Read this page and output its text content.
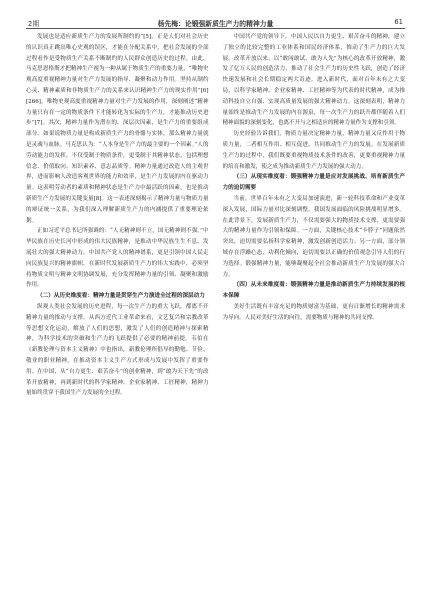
2期	杨先梅：论锻强新质生产力的精神力量	61

发展也是适应新质生产力的发展所制约的”[5]。正是人们对社会历史的认识真正跳出唯心史观的误区，才能在分配关系中，把社会发展的全部过程看作是受物质生产关系不断制约的人民群众创造历史的过程。由此，马克思恩格斯才把精神生产视为一种从属于物质生产的重要力量，“唯物史观高度重视精神力量对生产力发展的指导、凝聚和动力作用。坚持从制约心灵、精神素质和非物质生产力的关系来认识精神生产力的现实作用”[6][266]。唯物史观高度重视精神力量对生产力发展的作用，深刻阐述“精神力量只有在一定的物质条件下才能转化为实际的生产力，才能推动历史进步”[7]。其次，精神力量作为潜在的、深层次因素，是生产力的重要组成部分。如果说物质力量是构成新质生产力的骨骼与实体，那么精神力量就是灵魂与血脉。马克思认为：“人本身是生产力的最主要的一个因素。”人的劳动能力的发挥，不仅受制于物质条件，更受制于其精神状态，包括理想信念、价值取向、知识素养、意志品质等。精神力量通过改造人的主观世界，进而影响人改造客观世界的能力和效率，是生产力发展的内在驱动力量。这表明劳动者的素质和精神状态是生产力中最活跃的因素，也是推动新质生产力发展的关键变量[8]。这一表述深刻揭示了精神力量与物质力量的辩证统一关系，为我们深入理解新质生产力的内涵提供了重要理论依据。

正如习近平总书记所强调的：“人无精神则不立，国无精神则不强。”中华民族在历史长河中形成的伟大民族精神，是推动中华民族生生不息、发展壮大的强大精神动力。中国共产党人的精神谱系，更是引领中国人民走向民族复兴的精神旗帜。在新时代发展新质生产力的伟大实践中，必须坚持物质文明与精神文明协调发展，充分发挥精神力量的引领、凝聚和激励作用。

（二）从历史维度看：精神力量是贯穿生产力演进全过程的深层动力

纵观人类社会发展的历史进程，每一次生产力的重大飞跃，都离不开精神力量的推动与支撑。从西方近代工业革命来看，文艺复兴和宗教改革等思想文化运动，解放了人们的思想，激发了人们的创造精神与探索精神，为科学技术的突破和生产力的飞跃提供了必要的精神前提。韦伯在《新教伦理与资本主义精神》中也指出，新教伦理所倡导的勤勉、节俭、敬业的职业精神，在推动资本主义生产方式形成与发展中发挥了重要作用。在中国，从“自力更生、艰苦奋斗”的创业精神，到“敢为天下先”的改革开放精神，再到新时代的科学家精神、企业家精神、工匠精神，精神力量始终贯穿于我国生产力发展的全过程。

中国共产党的领导下，中国人民以自力更生、艰苦奋斗的精神，建立了独立的比较完整的工业体系和国民经济体系，推动了生产力的巨大发展。改革开放以来，以“敢闯敢试、敢为人先”为核心的改革开放精神，激发了亿万人民的创造活力，推动了社会生产力的历史性飞跃，创造了经济快速发展和社会长期稳定两大奇迹。进入新时代，面对百年未有之大变局，以科学家精神、企业家精神、工匠精神等为代表的时代精神，成为推动科技自立自强、实现高质量发展的强大精神动力。这深刻表明，精神力量始终是推动生产力发展的内在源泉，每一次生产力的跃升都伴随着人们精神面貌的深刻变化，也离不开与之相适应的精神力量作为支撑和引领。

历史经验告诉我们，物质力量决定精神力量，精神力量又反作用于物质力量，二者相互作用、相互促进，共同推动生产力的发展。在发展新质生产力的过程中，我们既要重视物质技术条件的改善，更要重视精神力量的培育和激发，使之成为推动新质生产力发展的强大动力。

（三）从现实维度看：锻强精神力量是应对发展挑战、培育新质生产力的迫切需要

当前，世界百年未有之大变局加速演进，新一轮科技革命和产业变革深入发展，国际力量对比深刻调整，我国发展面临的风险挑战明显增多。在此背景下，发展新质生产力，不仅需要强大的物质技术支撑，更需要强大的精神力量作为引领和保障。一方面，关键核心技术“卡脖子”问题依然突出，迫切需要弘扬科学家精神，激发创新创造活力；另一方面，部分领域存在浮躁心态、功利化倾向，迫切需要以正确的价值观念引导人们的行为选择。锻强精神力量，能够凝聚起全社会推动新质生产力发展的强大合力。

（四）从未来维度看：锻强精神力量是推动新质生产力持续发展的根本保障

美好生活既有丰富充足的物质财富为基础，更有日渐增长的精神需求为导向。人民对美好生活的向往，需要物质与精神的共同支撑。
